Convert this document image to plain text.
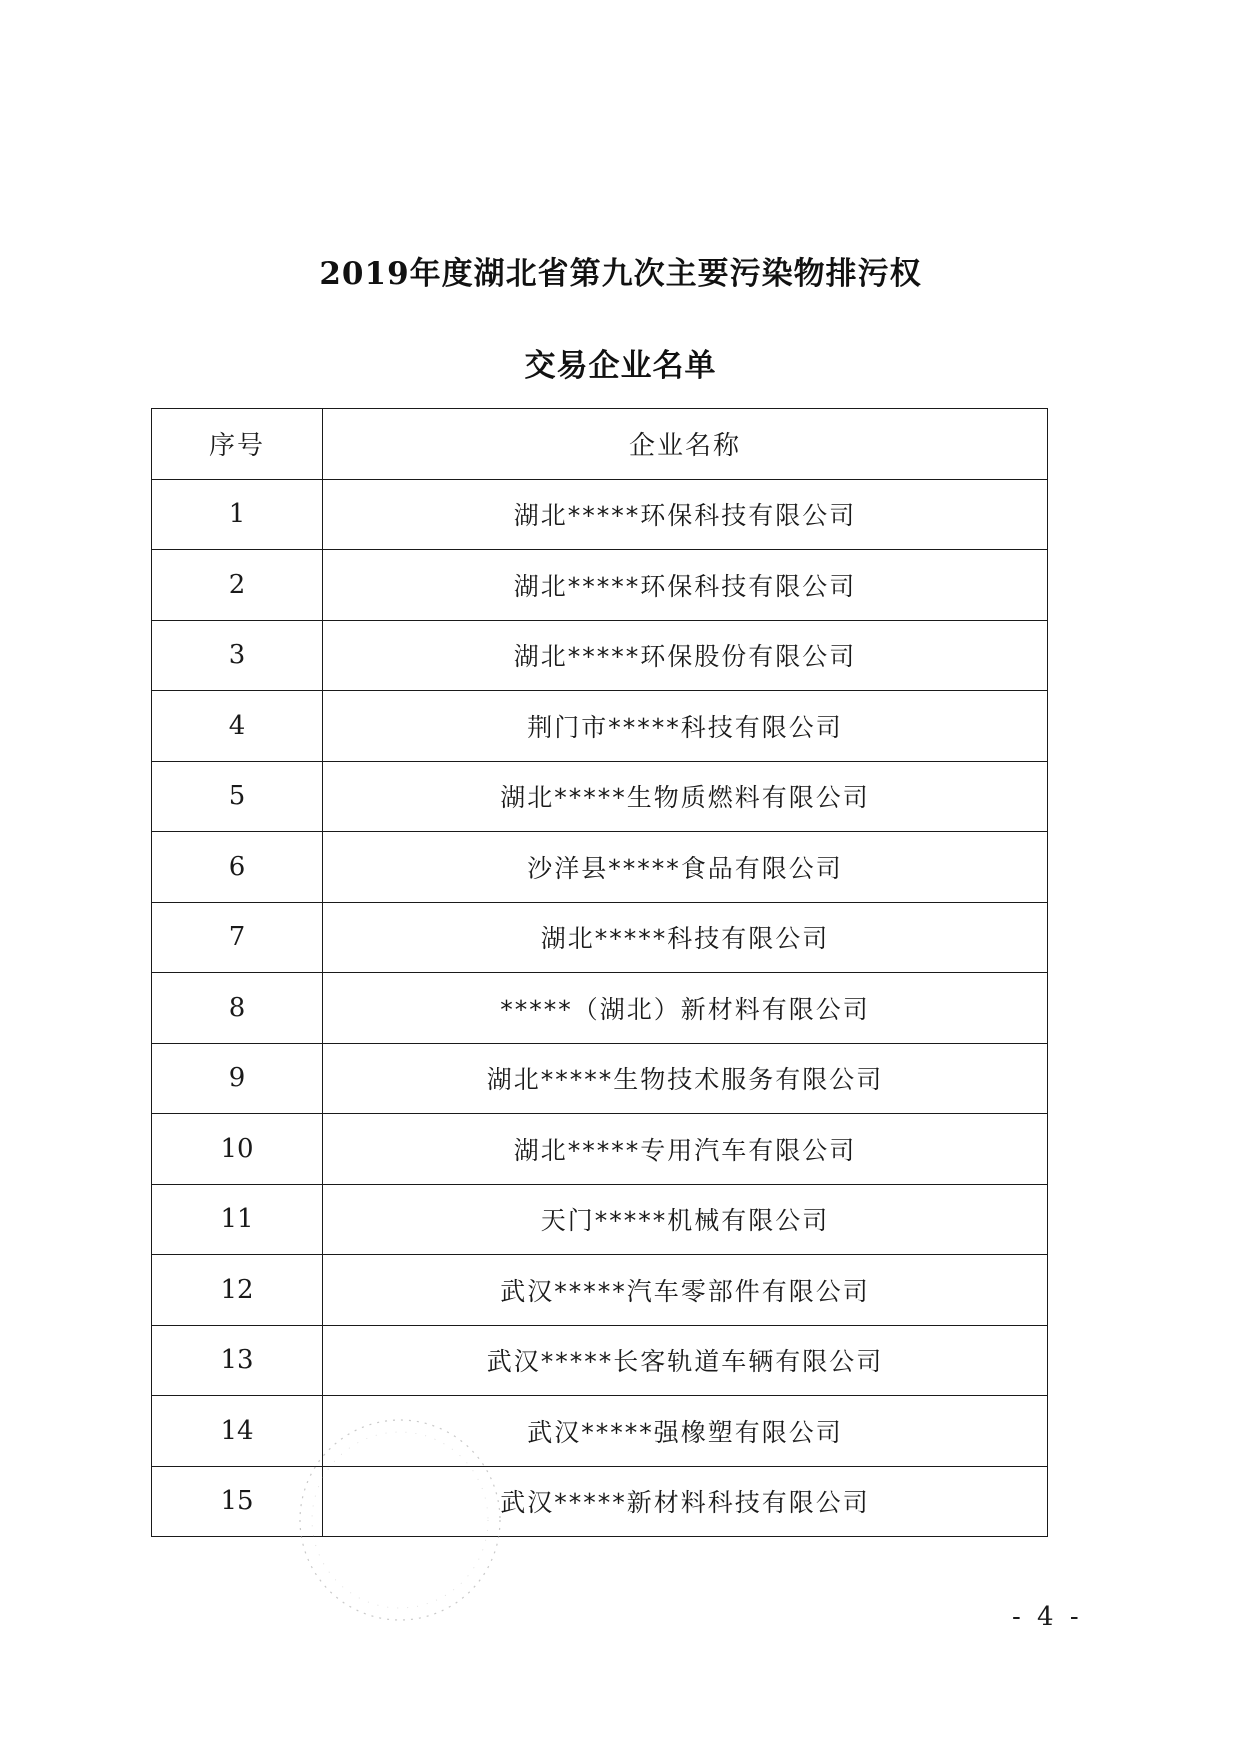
2019年度湖北省第九次主要污染物排污权
交易企业名单
序号	企业名称
1	湖北*****环保科技有限公司
2	湖北*****环保科技有限公司
3	湖北*****环保股份有限公司
4	荆门市*****科技有限公司
5	湖北*****生物质燃料有限公司
6	沙洋县*****食品有限公司
7	湖北*****科技有限公司
8	*****（湖北）新材料有限公司
9	湖北*****生物技术服务有限公司
10	湖北*****专用汽车有限公司
11	天门*****机械有限公司
12	武汉*****汽车零部件有限公司
13	武汉*****长客轨道车辆有限公司
14	武汉*****强橡塑有限公司
15	武汉*****新材料科技有限公司
- 4 -
